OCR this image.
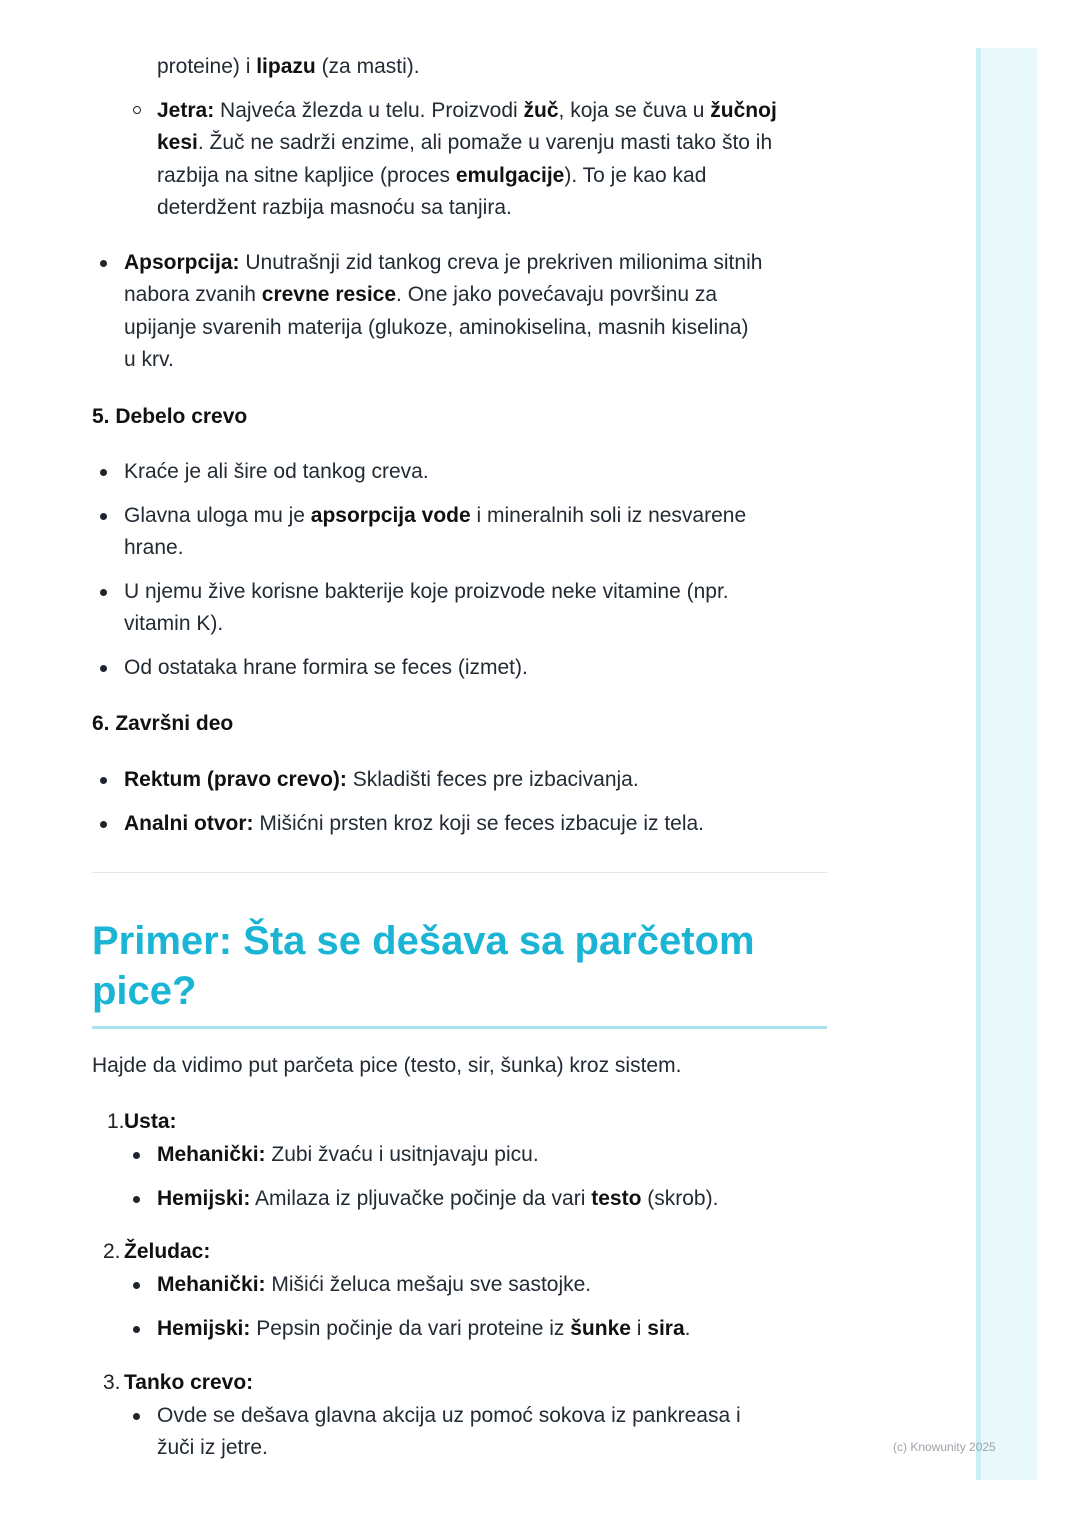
proteine) i lipazu (za masti).
Jetra: Najveća žlezda u telu. Proizvodi žuč, koja se čuva u žučnoj
kesi. Žuč ne sadrži enzime, ali pomaže u varenju masti tako što ih
razbija na sitne kapljice (proces emulgacije). To je kao kad
deterdžent razbija masnoću sa tanjira.
Apsorpcija: Unutrašnji zid tankog creva je prekriven milionima sitnih
nabora zvanih crevne resice. One jako povećavaju površinu za
upijanje svarenih materija (glukoze, aminokiselina, masnih kiselina)
u krv.
5. Debelo crevo
Kraće je ali šire od tankog creva.
Glavna uloga mu je apsorpcija vode i mineralnih soli iz nesvarene
hrane.
U njemu žive korisne bakterije koje proizvode neke vitamine (npr.
vitamin K).
Od ostataka hrane formira se feces (izmet).
6. Završni deo
Rektum (pravo crevo): Skladišti feces pre izbacivanja.
Analni otvor: Mišićni prsten kroz koji se feces izbacuje iz tela.
Primer: Šta se dešava sa parčetom
pice?
Hajde da vidimo put parčeta pice (testo, sir, šunka) kroz sistem.
1. Usta:
Mehanički: Zubi žvaću i usitnjavaju picu.
Hemijski: Amilaza iz pljuvačke počinje da vari testo (skrob).
2. Želudac:
Mehanički: Mišići želuca mešaju sve sastojke.
Hemijski: Pepsin počinje da vari proteine iz šunke i sira.
3. Tanko crevo:
Ovde se dešava glavna akcija uz pomoć sokova iz pankreasa i
žuči iz jetre.	(c) Knowunity 2025
